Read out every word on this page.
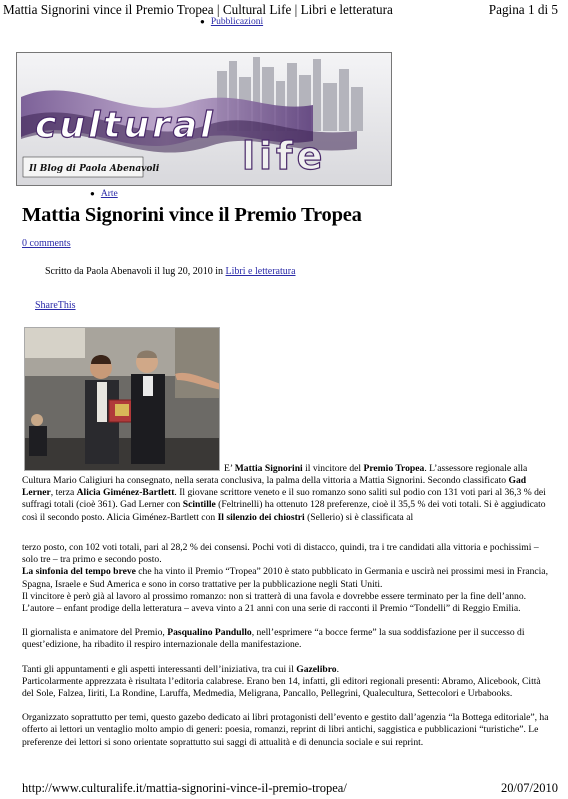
Mattia Signorini vince il Premio Tropea | Cultural Life | Libri e letteratura	Pagina 1 di 5
● Pubblicazioni
cultural
life
Il Blog di Paola Abenavoli
● Arte
Mattia Signorini vince il Premio Tropea
0 comments
Scritto da Paola Abenavoli il lug 20, 2010 in Libri e letteratura
ShareThis
E’ Mattia Signorini il vincitore del Premio Tropea. L’assessore regionale alla

Cultura Mario Caligiuri ha consegnato, nella serata conclusiva, la palma della vittoria a Mattia Signorini. Secondo classificato Gad Lerner, terza Alicia Giménez-Bartlett. Il giovane scrittore veneto e il suo romanzo sono saliti sul podio con 131 voti pari al 36,3 % dei suffragi totali (cioè 361). Gad Lerner con Scintille (Feltrinelli) ha ottenuto 128 preferenze, cioè il 35,5 % dei voti totali. Si è aggiudicato così il secondo posto. Alicia Giménez-Bartlett con Il silenzio dei chiostri (Sellerio) si è classificata al

terzo posto, con 102 voti totali, pari al 28,2 % dei consensi. Pochi voti di distacco, quindi, tra i tre candidati alla vittoria e pochissimi – solo tre – tra primo e secondo posto.

La sinfonia del tempo breve che ha vinto il Premio “Tropea” 2010 è stato pubblicato in Germania e uscirà nei prossimi mesi in Francia, Spagna, Israele e Sud America e sono in corso trattative per la pubblicazione negli Stati Uniti.

Il vincitore è però già al lavoro al prossimo romanzo: non si tratterà di una favola e dovrebbe essere terminato per la fine dell’anno. L’autore – enfant prodige della letteratura – aveva vinto a 21 anni con una serie di racconti il Premio “Tondelli” di Reggio Emilia.

Il giornalista e animatore del Premio, Pasqualino Pandullo, nell’esprimere “a bocce ferme” la sua soddisfazione per il successo di quest’edizione, ha ribadito il respiro internazionale della manifestazione.

Tanti gli appuntamenti e gli aspetti interessanti dell’iniziativa, tra cui il Gazelibro.

Particolarmente apprezzata è risultata l’editoria calabrese. Erano ben 14, infatti, gli editori regionali presenti: Abramo, Alicebook, Città del Sole, Falzea, Iiriti, La Rondine, Laruffa, Medmedia, Meligrana, Pancallo, Pellegrini, Qualecultura, Settecolori e Urbabooks.

Organizzato soprattutto per temi, questo gazebo dedicato ai libri protagonisti dell’evento e gestito dall’agenzia “la Bottega editoriale”, ha offerto ai lettori un ventaglio molto ampio di generi: poesia, romanzi, reprint di libri antichi, saggistica e pubblicazioni “turistiche”. Le preferenze dei lettori si sono orientate soprattutto sui saggi di attualità e di denuncia sociale e sui reprint.

http://www.culturalife.it/mattia-signorini-vince-il-premio-tropea/	20/07/2010
